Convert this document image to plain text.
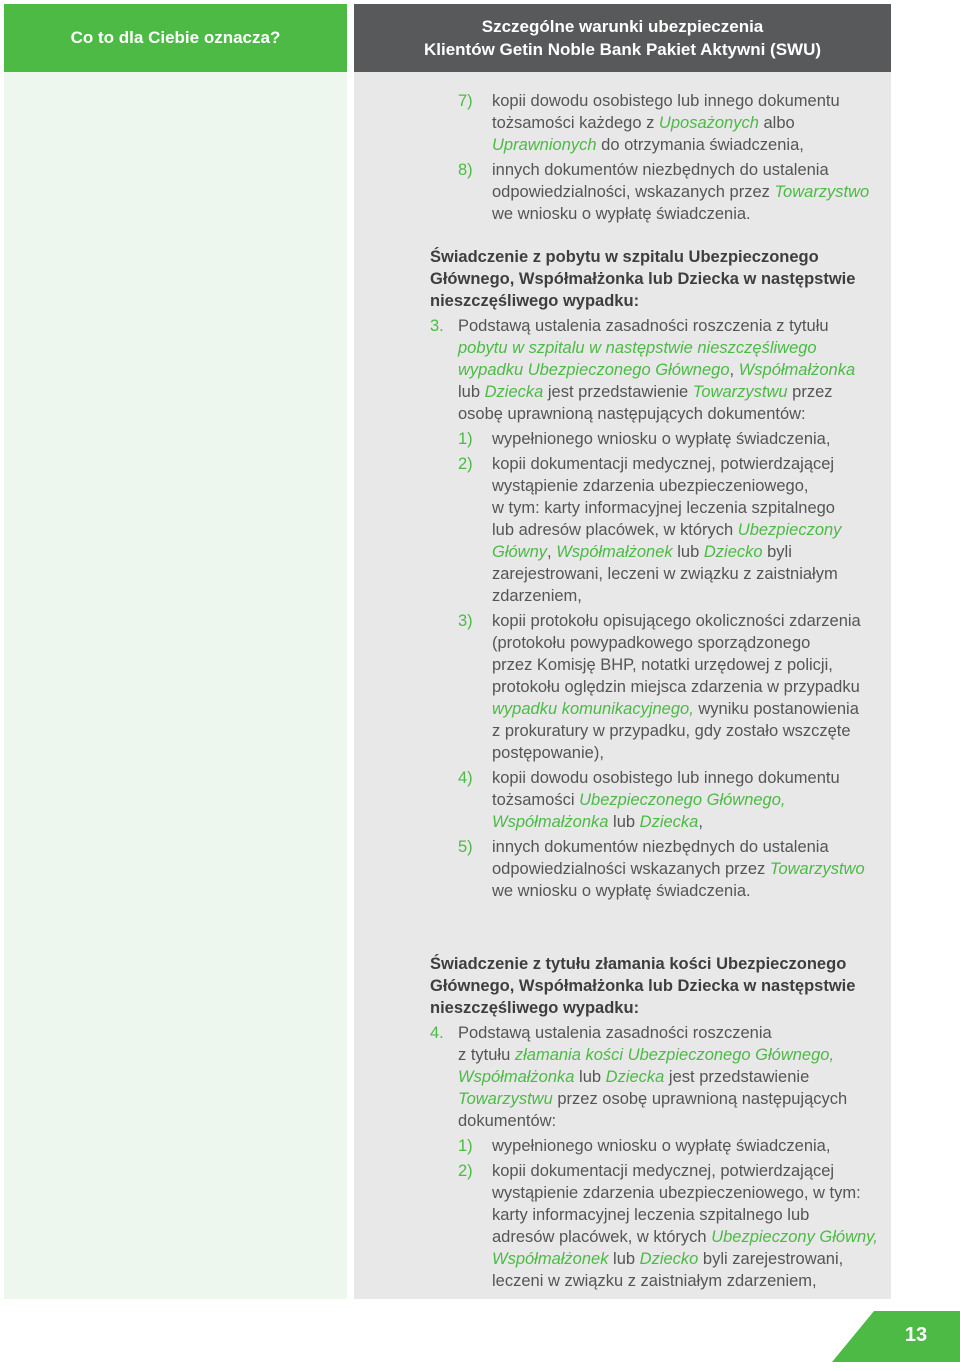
Co to dla Ciebie oznacza?
Szczególne warunki ubezpieczenia
Klientów Getin Noble Bank Pakiet Aktywni (SWU)
7) kopii dowodu osobistego lub innego dokumentu
tożsamości każdego z Uposażonych albo
Uprawnionych do otrzymania świadczenia,
8) innych dokumentów niezbędnych do ustalenia
odpowiedzialności, wskazanych przez Towarzystwo
we wniosku o wypłatę świadczenia.
Świadczenie z pobytu w szpitalu Ubezpieczonego
Głównego, Współmałżonka lub Dziecka w następstwie
nieszczęśliwego wypadku:
3. Podstawą ustalenia zasadności roszczenia z tytułu
pobytu w szpitalu w następstwie nieszczęśliwego
wypadku Ubezpieczonego Głównego, Współmałżonka
lub Dziecka jest przedstawienie Towarzystwu przez
osobę uprawnioną następujących dokumentów:
1) wypełnionego wniosku o wypłatę świadczenia,
2) kopii dokumentacji medycznej, potwierdzającej
wystąpienie zdarzenia ubezpieczeniowego,
w tym: karty informacyjnej leczenia szpitalnego
lub adresów placówek, w których Ubezpieczony
Główny, Współmałżonek lub Dziecko byli
zarejestrowani, leczeni w związku z zaistniałym
zdarzeniem,
3) kopii protokołu opisującego okoliczności zdarzenia
(protokołu powypadkowego sporządzonego
przez Komisję BHP, notatki urzędowej z policji,
protokołu oględzin miejsca zdarzenia w przypadku
wypadku komunikacyjnego, wyniku postanowienia
z prokuratury w przypadku, gdy zostało wszczęte
postępowanie),
4) kopii dowodu osobistego lub innego dokumentu
tożsamości Ubezpieczonego Głównego,
Współmałżonka lub Dziecka,
5) innych dokumentów niezbędnych do ustalenia
odpowiedzialności wskazanych przez Towarzystwo
we wniosku o wypłatę świadczenia.
Świadczenie z tytułu złamania kości Ubezpieczonego
Głównego, Współmałżonka lub Dziecka w następstwie
nieszczęśliwego wypadku:
4. Podstawą ustalenia zasadności roszczenia
z tytułu złamania kości Ubezpieczonego Głównego,
Współmałżonka lub Dziecka jest przedstawienie
Towarzystwu przez osobę uprawnioną następujących
dokumentów:
1) wypełnionego wniosku o wypłatę świadczenia,
2) kopii dokumentacji medycznej, potwierdzającej
wystąpienie zdarzenia ubezpieczeniowego, w tym:
karty informacyjnej leczenia szpitalnego lub
adresów placówek, w których Ubezpieczony Główny,
Współmałżonek lub Dziecko byli zarejestrowani,
leczeni w związku z zaistniałym zdarzeniem,
13
